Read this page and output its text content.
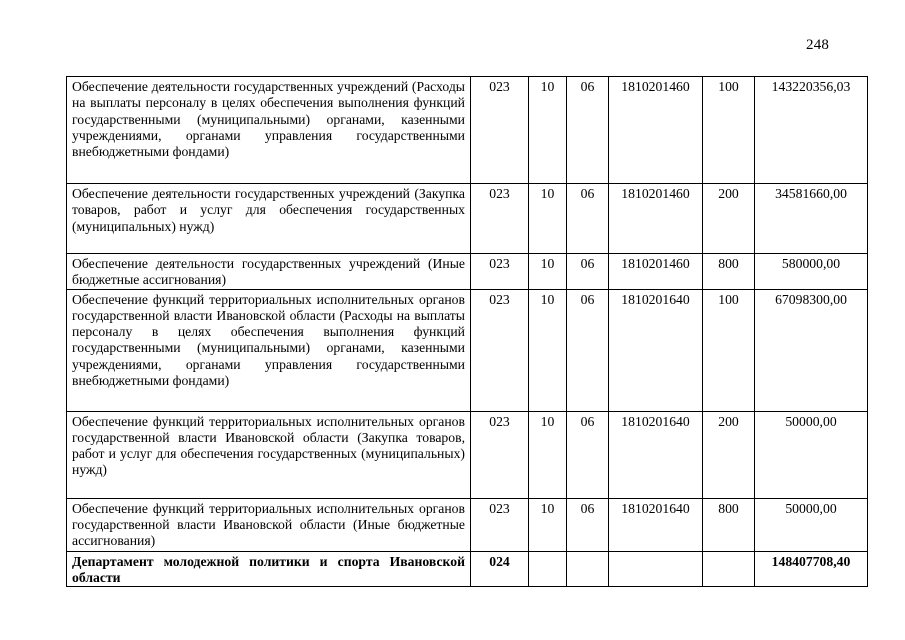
248
Обеспечение деятельности государственных учреждений (Расходы на выплаты персоналу в целях обеспечения выполнения функций государственными (муниципальными) органами, казенными учреждениями, органами управления государственными внебюджетными фондами)	023	10	06	1810201460	100	143220356,03
Обеспечение деятельности государственных учреждений (Закупка товаров, работ и услуг для обеспечения государственных (муниципальных) нужд)	023	10	06	1810201460	200	34581660,00
Обеспечение деятельности государственных учреждений (Иные бюджетные ассигнования)	023	10	06	1810201460	800	580000,00
Обеспечение функций территориальных исполнительных органов государственной власти Ивановской области (Расходы на выплаты персоналу в целях обеспечения выполнения функций государственными (муниципальными) органами, казенными учреждениями, органами управления государственными внебюджетными фондами)	023	10	06	1810201640	100	67098300,00
Обеспечение функций территориальных исполнительных органов государственной власти Ивановской области (Закупка товаров, работ и услуг для обеспечения государственных (муниципальных) нужд)	023	10	06	1810201640	200	50000,00
Обеспечение функций территориальных исполнительных органов государственной власти Ивановской области (Иные бюджетные ассигнования)	023	10	06	1810201640	800	50000,00
Департамент молодежной политики и спорта Ивановской области	024					148407708,40
